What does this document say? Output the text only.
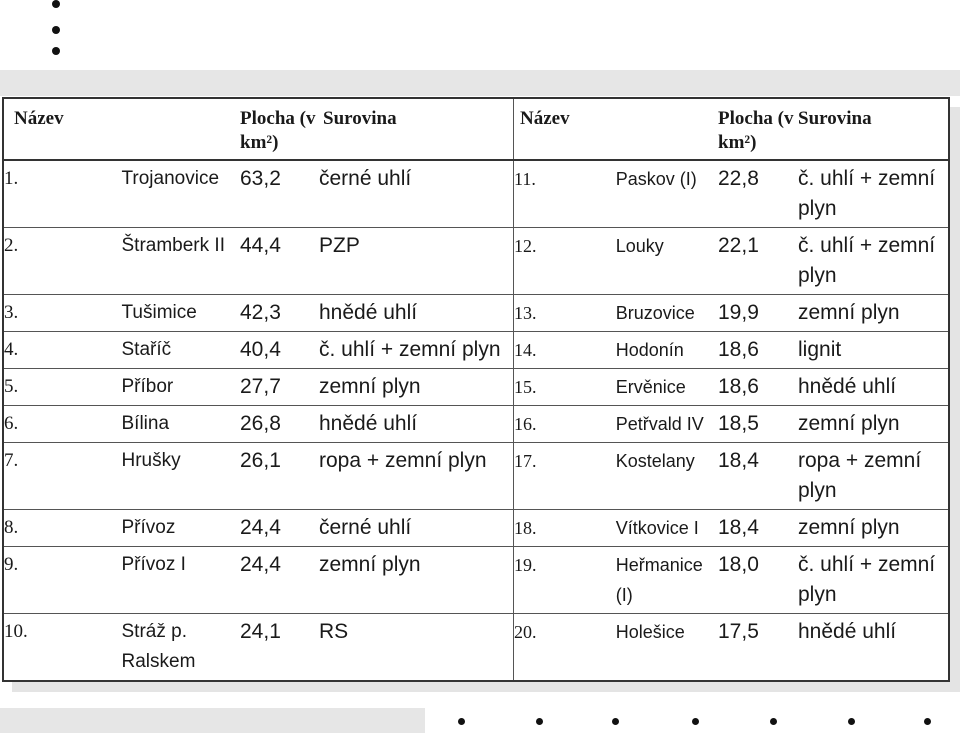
Název		Plocha (v km²)	Surovina	Název		Plocha (v km²)	Surovina
1.	Trojanovice	63,2	černé uhlí	11.	Paskov (I)	22,8	č. uhlí + zemní plyn
2.	Štramberk II	44,4	PZP	12.	Louky	22,1	č. uhlí + zemní plyn
3.	Tušimice	42,3	hnědé uhlí	13.	Bruzovice	19,9	zemní plyn
4.	Staříč	40,4	č. uhlí + zemní plyn	14.	Hodonín	18,6	lignit
5.	Příbor	27,7	zemní plyn	15.	Ervěnice	18,6	hnědé uhlí
6.	Bílina	26,8	hnědé uhlí	16.	Petřvald IV	18,5	zemní plyn
7.	Hrušky	26,1	ropa + zemní plyn	17.	Kostelany	18,4	ropa + zemní plyn
8.	Přívoz	24,4	černé uhlí	18.	Vítkovice I	18,4	zemní plyn
9.	Přívoz I	24,4	zemní plyn	19.	Heřmanice (I)	18,0	č. uhlí + zemní plyn
10.	Stráž p. Ralskem	24,1	RS	20.	Holešice	17,5	hnědé uhlí
